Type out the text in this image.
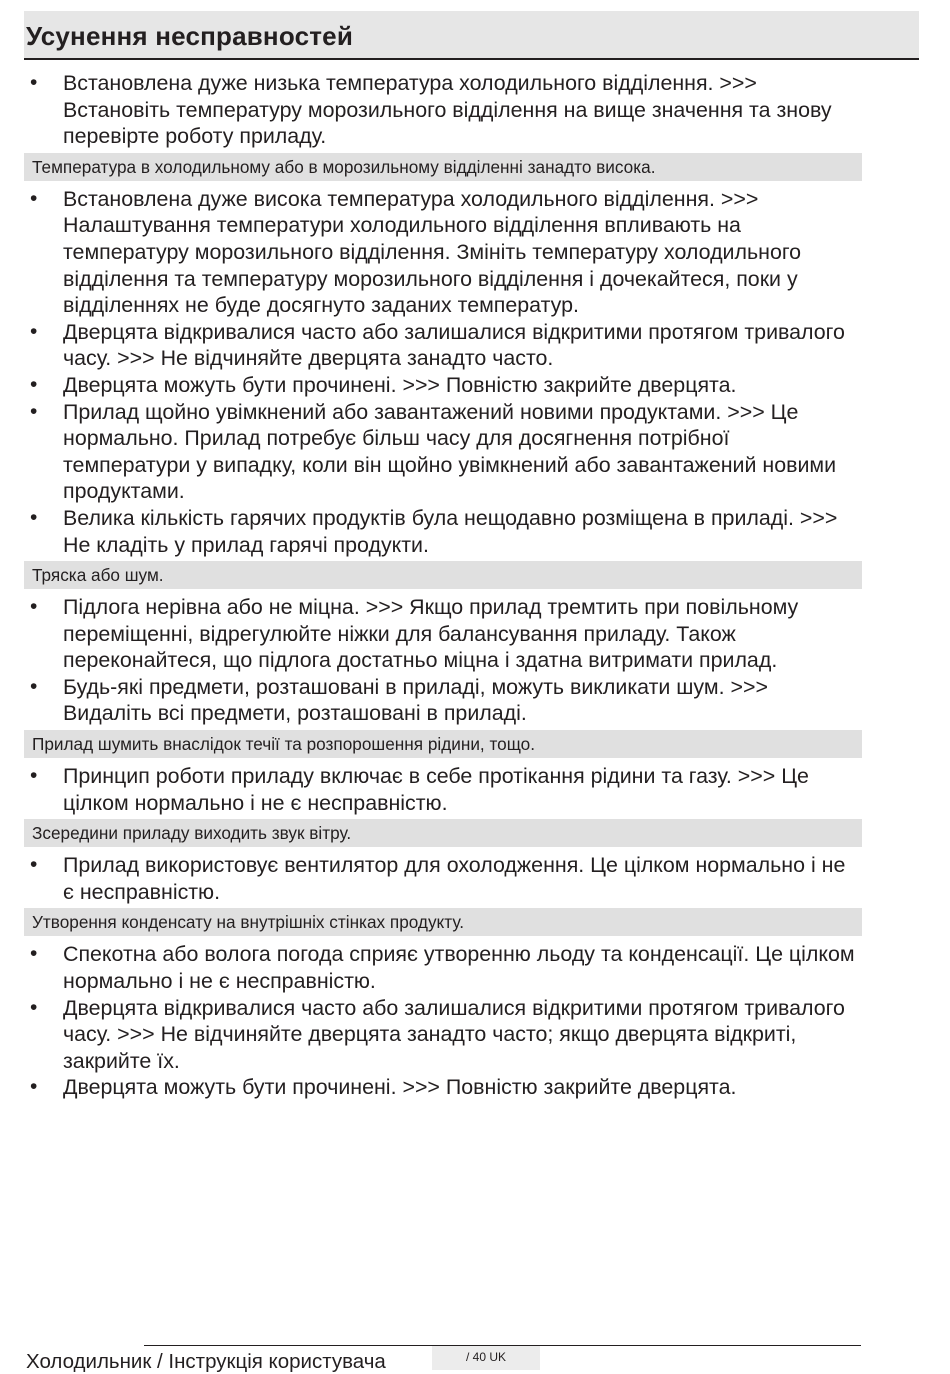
Усунення несправностей
• Встановлена дуже низька температура холодильного відділення. >>> Встановіть температуру морозильного відділення на вище значення та знову перевірте роботу приладу.
Температура в холодильному або в морозильному відділенні занадто висока.
• Встановлена дуже висока температура холодильного відділення. >>> Налаштування температури холодильного відділення впливають на температуру морозильного відділення. Змініть температуру холодильного відділення та температуру морозильного відділення і дочекайтеся, поки у відділеннях не буде досягнуто заданих температур.
• Дверцята відкривалися часто або залишалися відкритими протягом тривалого часу. >>> Не відчиняйте дверцята занадто часто.
• Дверцята можуть бути прочинені. >>> Повністю закрийте дверцята.
• Прилад щойно увімкнений або завантажений новими продуктами. >>> Це нормально. Прилад потребує більш часу для досягнення потрібної температури у випадку, коли він щойно увімкнений або завантажений новими продуктами.
• Велика кількість гарячих продуктів була нещодавно розміщена в приладі. >>> Не кладіть у прилад гарячі продукти.
Тряска або шум.
• Підлога нерівна або не міцна. >>> Якщо прилад тремтить при повільному переміщенні, відрегулюйте ніжки для балансування приладу. Також переконайтеся, що підлога достатньо міцна і здатна витримати прилад.
• Будь-які предмети, розташовані в приладі, можуть викликати шум. >>> Видаліть всі предмети, розташовані в приладі.
Прилад шумить внаслідок течії та розпорошення рідини, тощо.
• Принцип роботи приладу включає в себе протікання рідини та газу. >>> Це цілком нормально і не є несправністю.
Зсередини приладу виходить звук вітру.
• Прилад використовує вентилятор для охолодження. Це цілком нормально і не є несправністю.
Утворення конденсату на внутрішніх стінках продукту.
• Спекотна або волога погода сприяє утворенню льоду та конденсації. Це цілком нормально і не є несправністю.
• Дверцята відкривалися часто або залишалися відкритими протягом тривалого часу. >>> Не відчиняйте дверцята занадто часто; якщо дверцята відкриті, закрийте їх.
• Дверцята можуть бути прочинені. >>> Повністю закрийте дверцята.
Холодильник / Інструкція користувача	/ 40 UK
